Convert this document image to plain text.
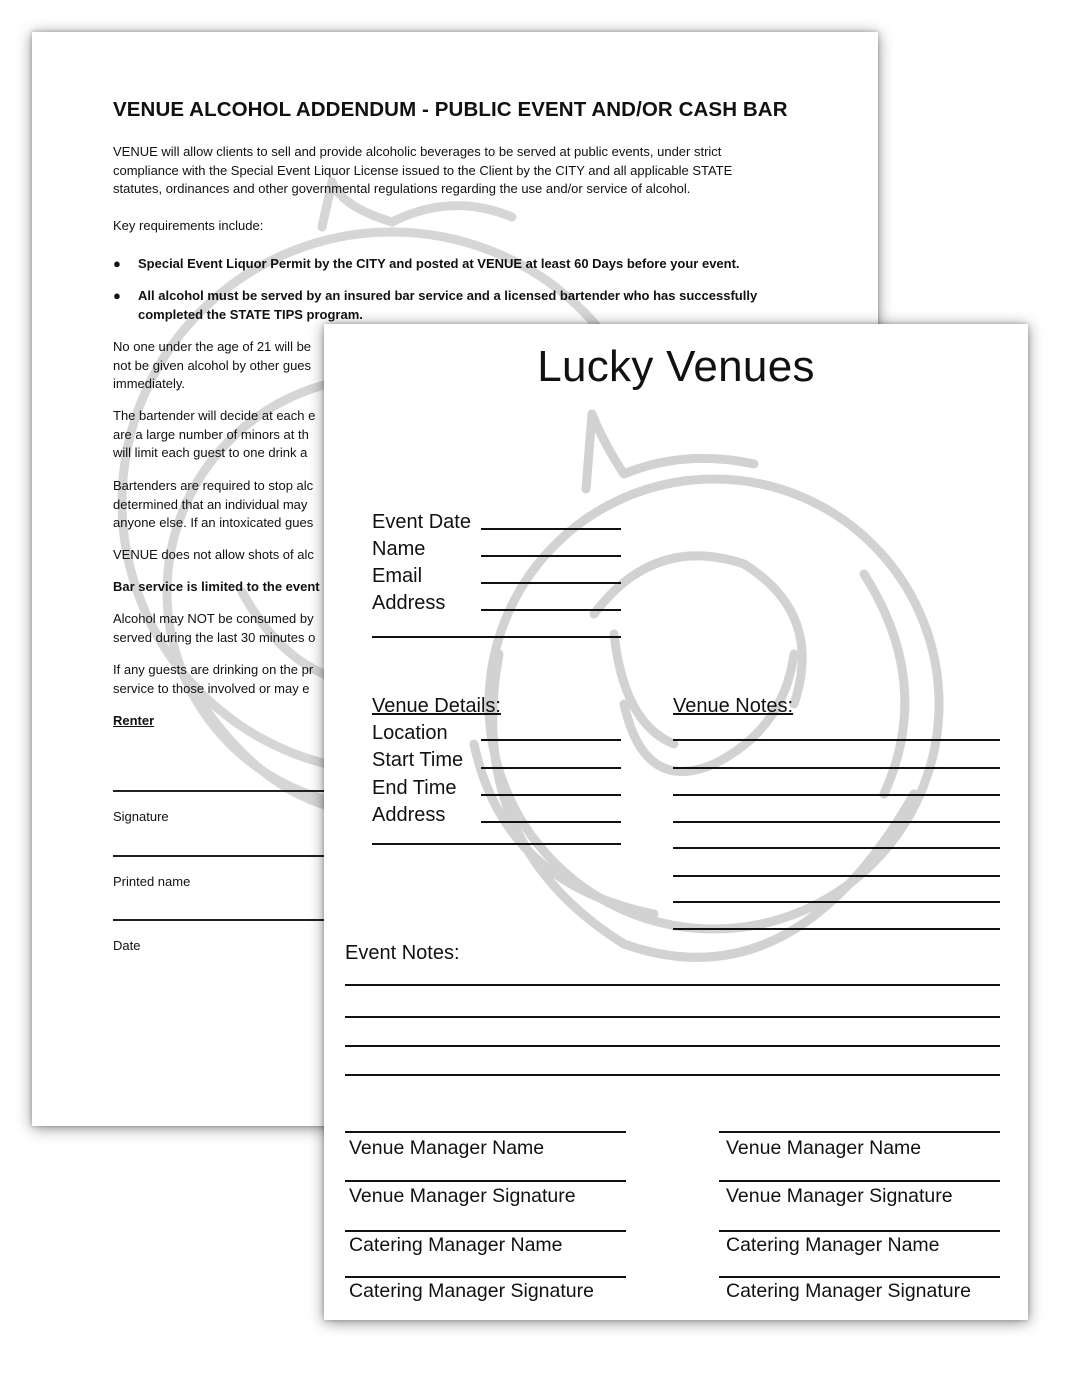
VENUE ALCOHOL ADDENDUM - PUBLIC EVENT AND/OR CASH BAR
VENUE will allow clients to sell and provide alcoholic beverages to be served at public events, under strict
compliance with the Special Event Liquor License issued to the Client by the CITY and all applicable STATE
statutes, ordinances and other governmental regulations regarding the use and/or service of alcohol.
Key requirements include:
●	Special Event Liquor Permit by the CITY and posted at VENUE at least 60 Days before your event.
●	All alcohol must be served by an insured bar service and a licensed bartender who has successfully
completed the STATE TIPS program.
No one under the age of 21 will be
not be given alcohol by other gues
immediately.
The bartender will decide at each e
are a large number of minors at th
will limit each guest to one drink a
Bartenders are required to stop alc
determined that an individual may
anyone else. If an intoxicated gues
VENUE does not allow shots of alc
Bar service is limited to the event
Alcohol may NOT be consumed by
served during the last 30 minutes o
If any guests are drinking on the pr
service to those involved or may e
Renter
Signature
Printed name
Date
Lucky Venues
Event Date
Name
Email
Address
Venue Details:
Location
Start Time
End Time
Address
Venue Notes:
Event Notes:
Venue Manager Name
Venue Manager Signature
Catering Manager Name
Catering Manager Signature
Venue Manager Name
Venue Manager Signature
Catering Manager Name
Catering Manager Signature
